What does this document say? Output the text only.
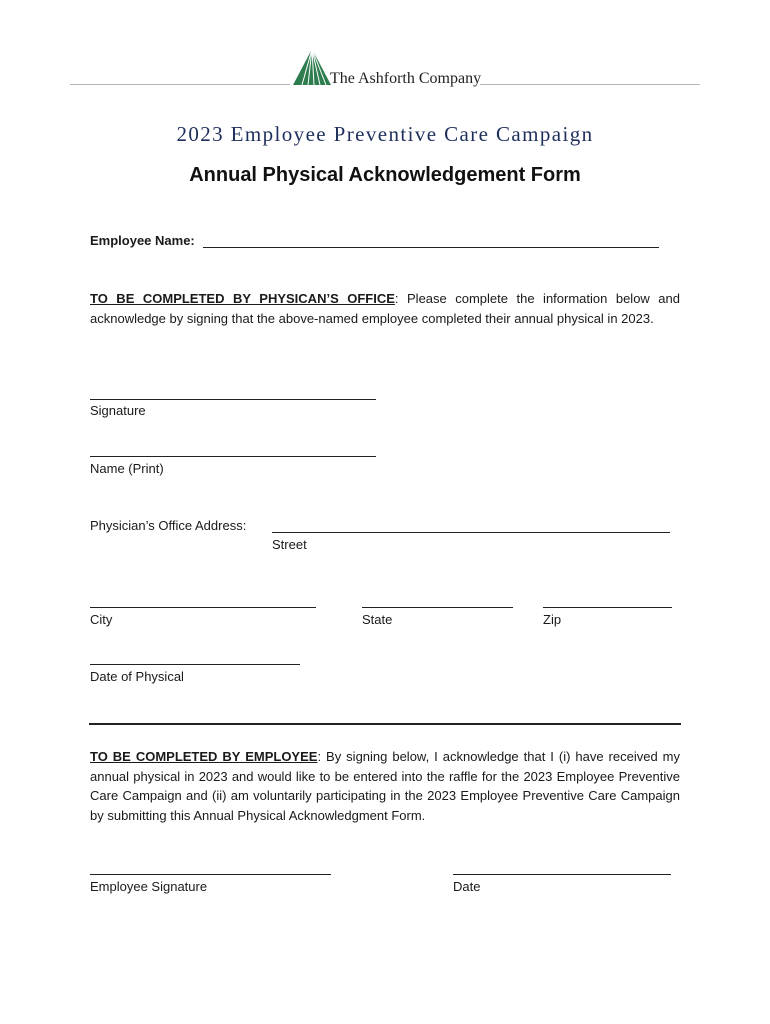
The Ashforth Company
2023 Employee Preventive Care Campaign
Annual Physical Acknowledgement Form
Employee Name:
TO BE COMPLETED BY PHYSICAN’S OFFICE: Please complete the information below and acknowledge by signing that the above-named employee completed their annual physical in 2023.
Signature
Name (Print)
Physician’s Office Address:
Street
City	State	Zip
Date of Physical
TO BE COMPLETED BY EMPLOYEE: By signing below, I acknowledge that I (i) have received my annual physical in 2023 and would like to be entered into the raffle for the 2023 Employee Preventive Care Campaign and (ii) am voluntarily participating in the 2023 Employee Preventive Care Campaign by submitting this Annual Physical Acknowledgment Form.
Employee Signature	Date
